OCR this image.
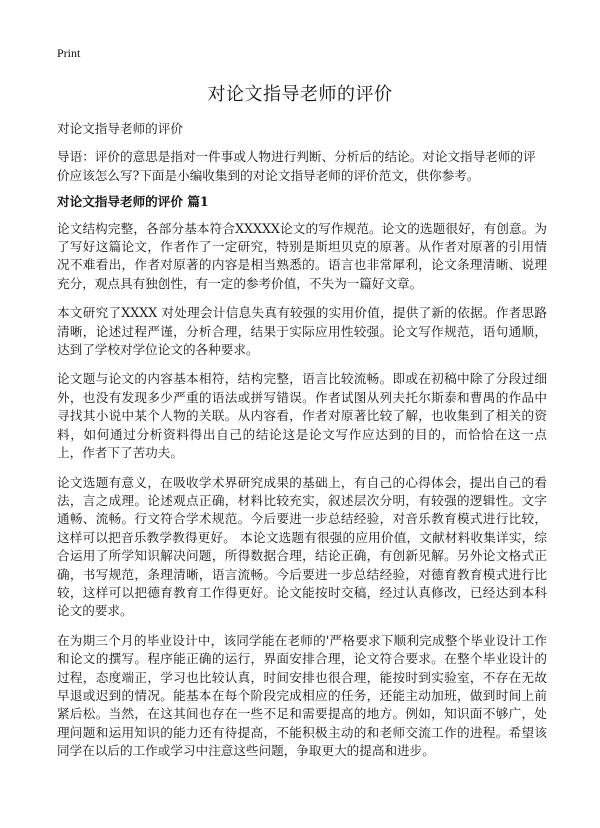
Print
对论文指导老师的评价

对论文指导老师的评价

导语：评价的意思是指对一件事或人物进行判断、分析后的结论。对论文指导老师的评价应该怎么写?下面是小编收集到的对论文指导老师的评价范文，供你参考。

对论文指导老师的评价 篇1

论文结构完整，各部分基本符合XXXXX论文的写作规范。论文的选题很好，有创意。为了写好这篇论文，作者作了一定研究，特别是斯坦贝克的原著。从作者对原著的引用情况不难看出，作者对原著的内容是相当熟悉的。语言也非常犀利，论文条理清晰、说理充分，观点具有独创性，有一定的参考价值，不失为一篇好文章。

本文研究了XXXX 对处理会计信息失真有较强的实用价值，提供了新的依据。作者思路清晰，论述过程严谨，分析合理，结果于实际应用性较强。论文写作规范，语句通顺，达到了学校对学位论文的各种要求。

论文题与论文的内容基本相符，结构完整，语言比较流畅。即或在初稿中除了分段过细外，也没有发现多少严重的语法或拼写错误。作者试图从列夫托尔斯泰和曹禺的作品中寻找其小说中某个人物的关联。从内容看，作者对原著比较了解，也收集到了相关的资料，如何通过分析资料得出自己的结论这是论文写作应达到的目的，而恰恰在这一点上，作者下了苦功夫。

论文选题有意义，在吸收学术界研究成果的基础上，有自己的心得体会，提出自己的看法，言之成理。论述观点正确，材料比较充实，叙述层次分明，有较强的逻辑性。文字通畅、流畅。行文符合学术规范。今后要进一步总结经验，对音乐教育模式进行比较，这样可以把音乐教学教得更好。 本论文选题有很强的应用价值，文献材料收集详实，综合运用了所学知识解决问题，所得数据合理，结论正确，有创新见解。另外论文格式正确，书写规范，条理清晰，语言流畅。今后要进一步总结经验，对德育教育模式进行比较，这样可以把德育教育工作得更好。论文能按时交稿，经过认真修改，已经达到本科论文的要求。

在为期三个月的毕业设计中，该同学能在老师的'严格要求下顺利完成整个毕业设计工作和论文的撰写。程序能正确的运行，界面安排合理，论文符合要求。在整个毕业设计的过程，态度端正，学习也比较认真，时间安排也很合理，能按时到实验室，不存在无故早退或迟到的情况。能基本在每个阶段完成相应的任务，还能主动加班，做到时间上前紧后松。当然，在这其间也存在一些不足和需要提高的地方。例如，知识面不够广，处理问题和运用知识的能力还有待提高，不能积极主动的和老师交流工作的进程。希望该同学在以后的工作或学习中注意这些问题，争取更大的提高和进步。
